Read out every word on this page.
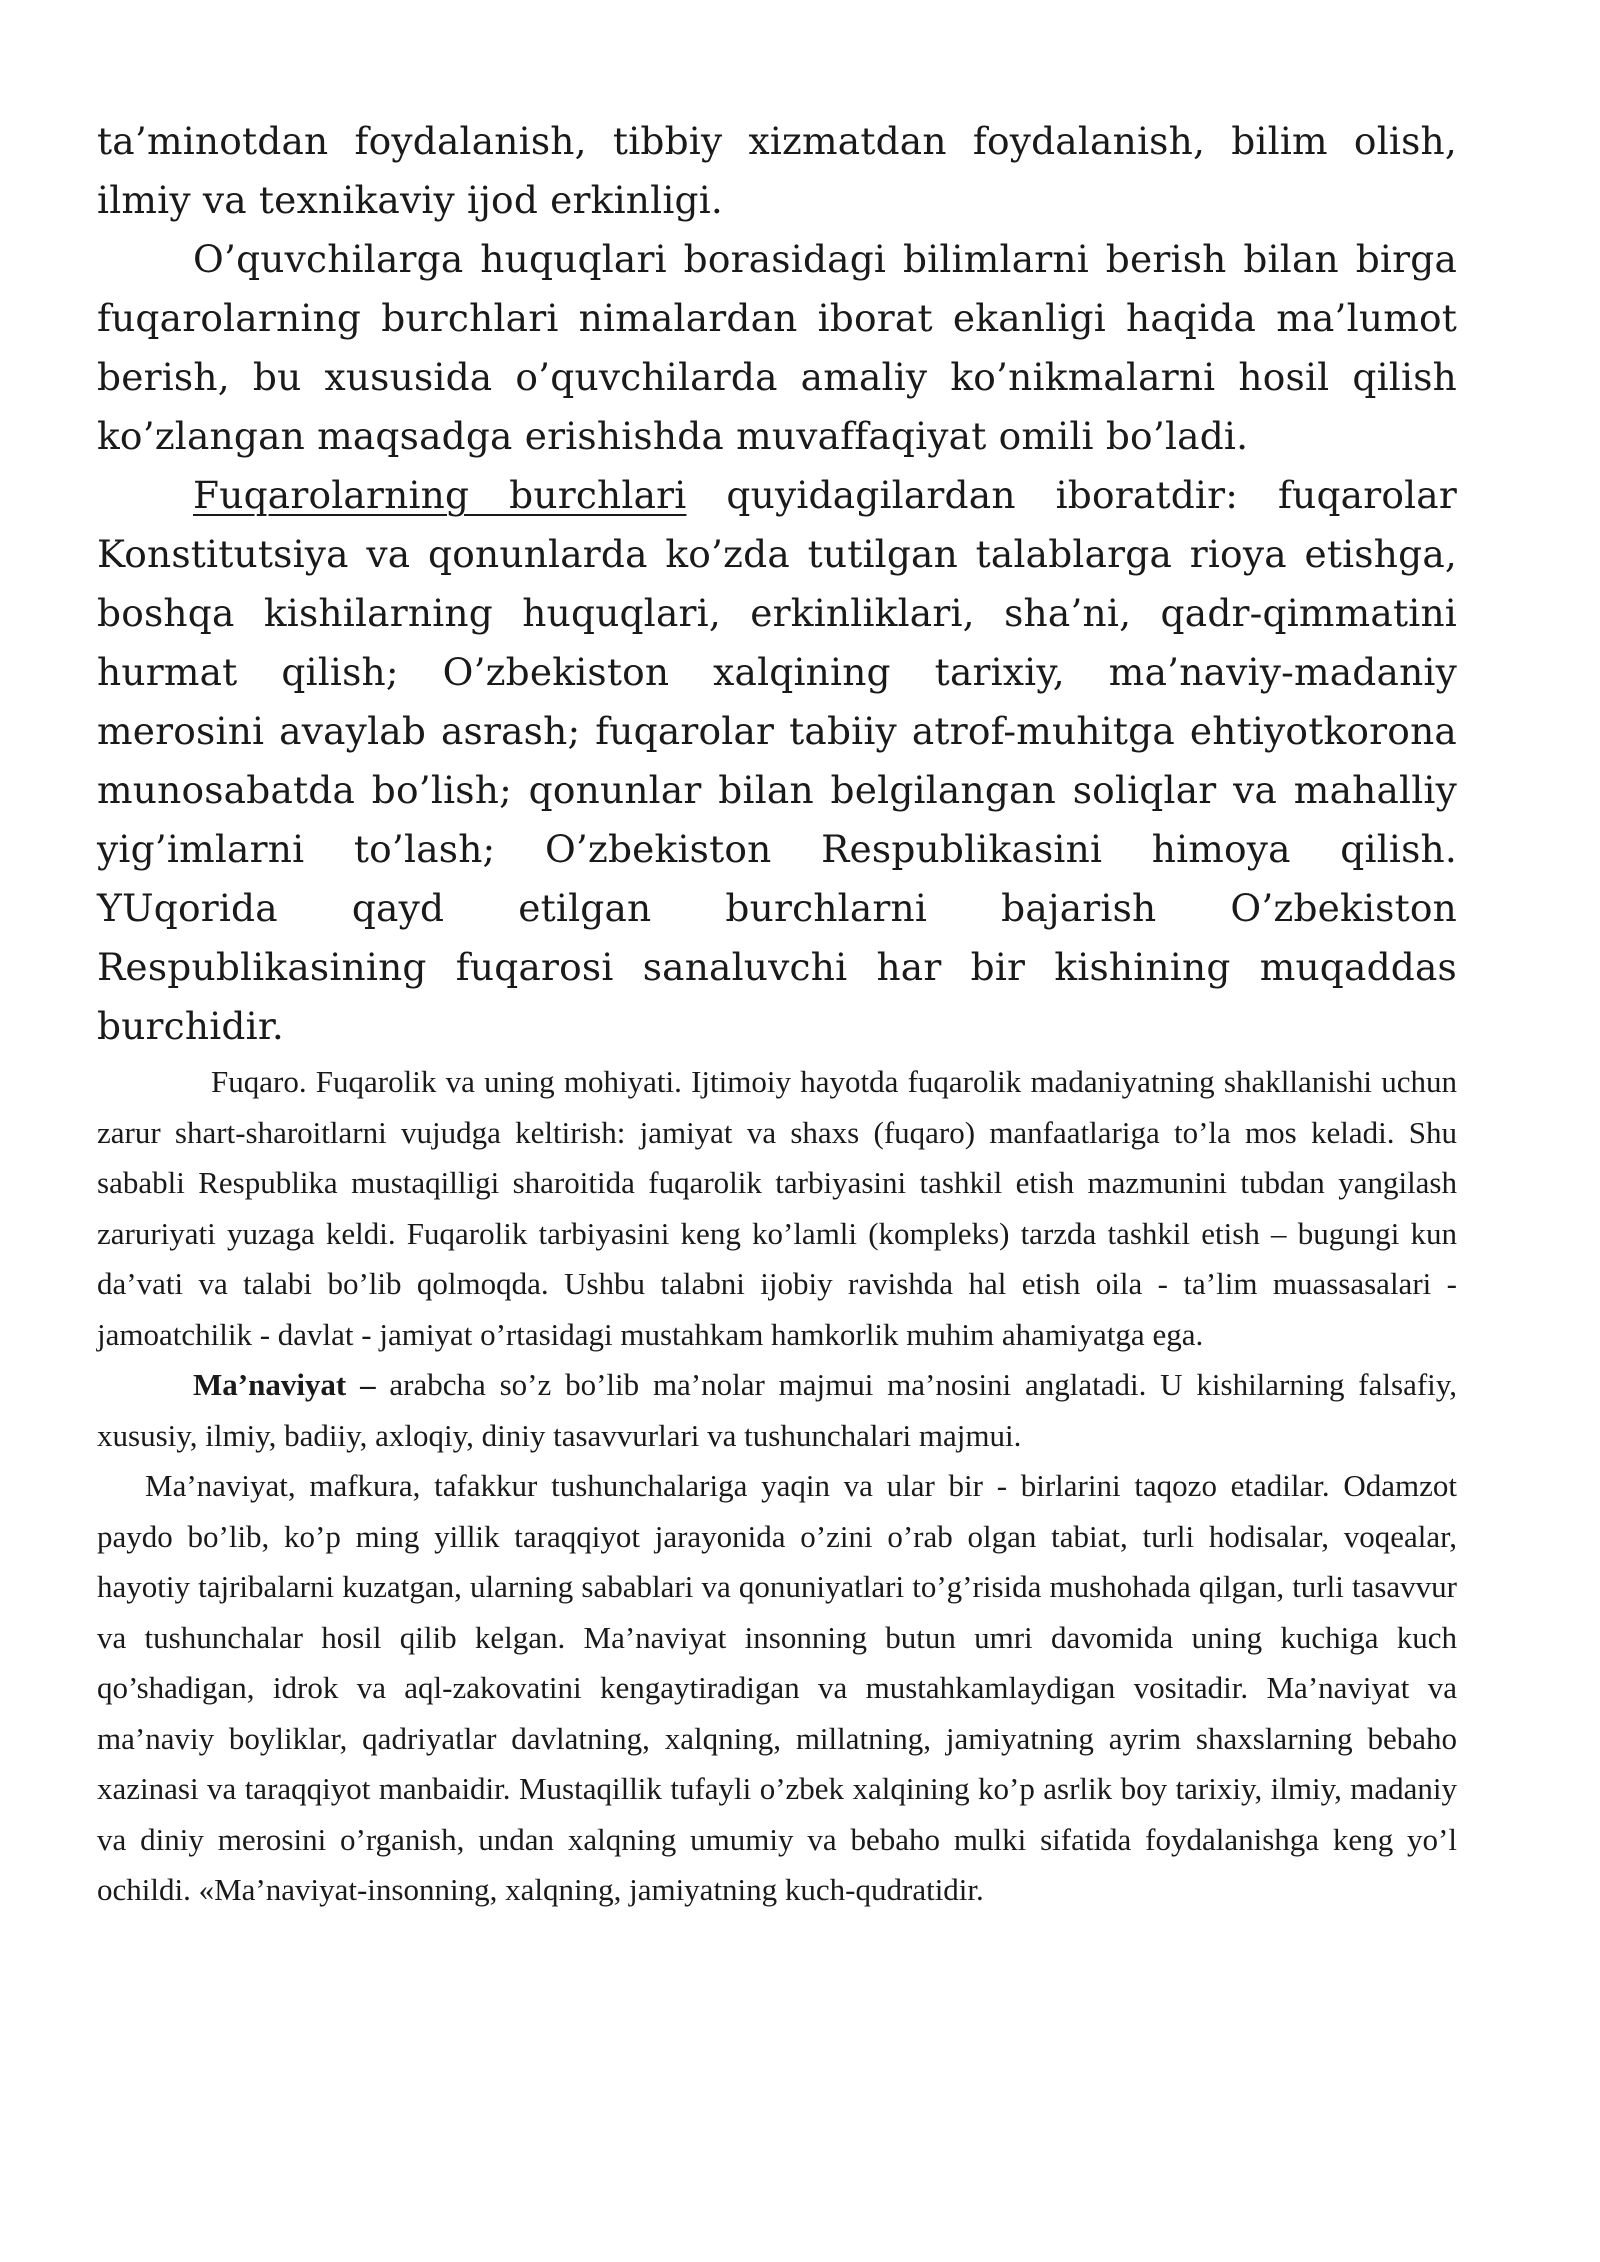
ta’minotdan foydalanish, tibbiy xizmatdan foydalanish, bilim olish, ilmiy va texnikaviy ijod erkinligi.

O’quvchilarga huquqlari borasidagi bilimlarni berish bilan birga fuqarolarning burchlari nimalardan iborat ekanligi haqida ma’lumot berish, bu xususida o’quvchilarda amaliy ko’nikmalarni hosil qilish ko’zlangan maqsadga erishishda muvaffaqiyat omili bo’ladi.

Fuqarolarning burchlari quyidagilardan iboratdir: fuqarolar Konstitutsiya va qonunlarda ko’zda tutilgan talablarga rioya etishga, boshqa kishilarning huquqlari, erkinliklari, sha’ni, qadr-qimmatini hurmat qilish; O’zbekiston xalqining tarixiy, ma’naviy-madaniy merosini avaylab asrash; fuqarolar tabiiy atrof-muhitga ehtiyotkorona munosabatda bo’lish; qonunlar bilan belgilangan soliqlar va mahalliy yig’imlarni to’lash; O’zbekiston Respublikasini himoya qilish. YUqorida qayd etilgan burchlarni bajarish O’zbekiston Respublikasining fuqarosi sanaluvchi har bir kishining muqaddas burchidir.

Fuqaro. Fuqarolik va uning mohiyati. Ijtimoiy hayotda fuqarolik madaniyatning shakllanishi uchun zarur shart-sharoitlarni vujudga keltirish: jamiyat va shaxs (fuqaro) manfaatlariga to’la mos keladi. Shu sababli Respublika mustaqilligi sharoitida fuqarolik tarbiyasini tashkil etish mazmunini tubdan yangilash zaruriyati yuzaga keldi. Fuqarolik tarbiyasini keng ko’lamli (kompleks) tarzda tashkil etish – bugungi kun da’vati va talabi bo’lib qolmoqda. Ushbu talabni ijobiy ravishda hal etish oila - ta’lim muassasalari - jamoatchilik - davlat - jamiyat o’rtasidagi mustahkam hamkorlik muhim ahamiyatga ega.

Ma’naviyat – arabcha so’z bo’lib ma’nolar majmui ma’nosini anglatadi. U kishilarning falsafiy, xususiy, ilmiy, badiiy, axloqiy, diniy tasavvurlari va tushunchalari majmui.

Ma’naviyat, mafkura, tafakkur tushunchalariga yaqin va ular bir - birlarini taqozo etadilar. Odamzot paydo bo’lib, ko’p ming yillik taraqqiyot jarayonida o’zini o’rab olgan tabiat, turli hodisalar, voqealar, hayotiy tajribalarni kuzatgan, ularning sabablari va qonuniyatlari to’g’risida mushohada qilgan, turli tasavvur va tushunchalar hosil qilib kelgan. Ma’naviyat insonning butun umri davomida uning kuchiga kuch qo’shadigan, idrok va aql-zakovatini kengaytiradigan va mustahkamlaydigan vositadir. Ma’naviyat va ma’naviy boyliklar, qadriyatlar davlatning, xalqning, millatning, jamiyatning ayrim shaxslarning bebaho xazinasi va taraqqiyot manbaidir. Mustaqillik tufayli o’zbek xalqining ko’p asrlik boy tarixiy, ilmiy, madaniy va diniy merosini o’rganish, undan xalqning umumiy va bebaho mulki sifatida foydalanishga keng yo’l ochildi. «Ma’naviyat-insonning, xalqning, jamiyatning kuch-qudratidir.
